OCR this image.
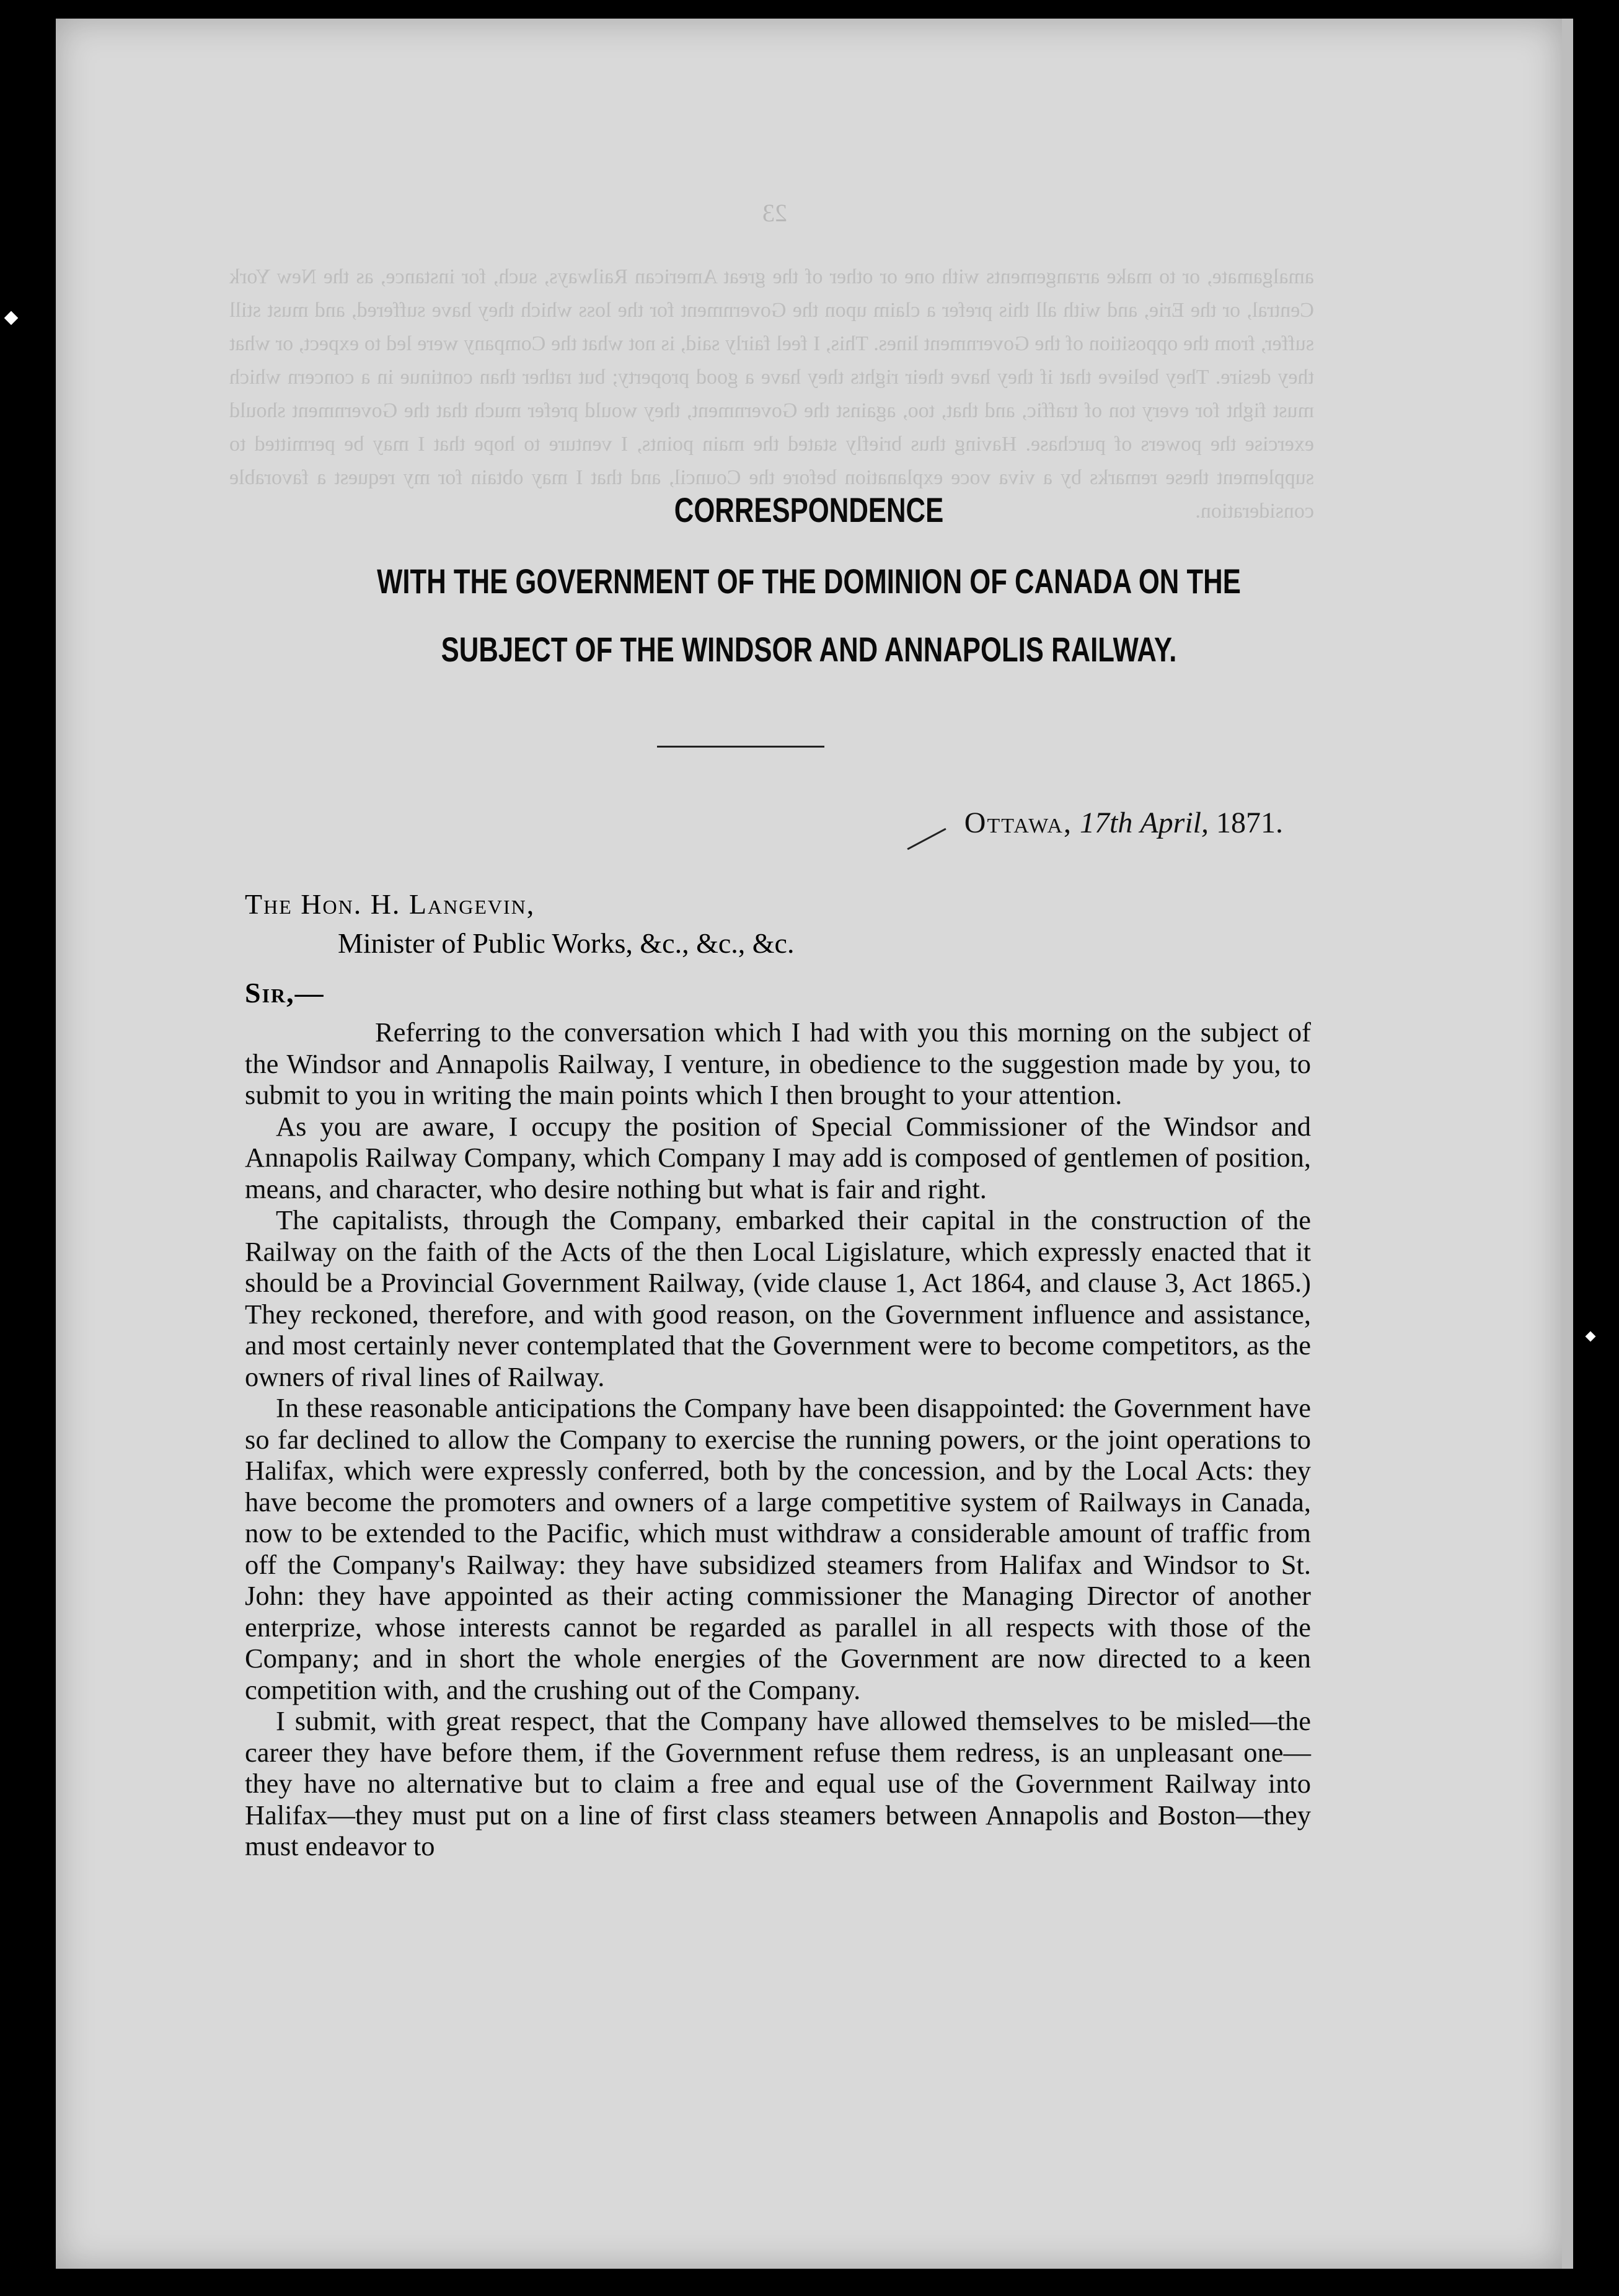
23
amalgamate, or to make arrangements with one or other of the great American Railways, such, for instance, as the New York Central, or the Erie, and with all this prefer a claim upon the Government for the loss which they have suffered, and must still suffer, from the opposition of the Government lines. This, I feel fairly said, is not what the Company were led to expect, or what they desire. They believe that if they have their rights they have a good property; but rather than continue in a concern which must fight for every ton of traffic, and that, too, against the Government, they would prefer much that the Government should exercise the powers of purchase. Having thus briefly stated the main points, I venture to hope that I may be permitted to supplement these remarks by a viva voce explanation before the Council, and that I may obtain for my request a favorable consideration.
CORRESPONDENCE
WITH THE GOVERNMENT OF THE DOMINION OF CANADA ON THE
SUBJECT OF THE WINDSOR AND ANNAPOLIS RAILWAY.
Ottawa, 17th April, 1871.
The Hon. H. Langevin,
Minister of Public Works, &c., &c., &c.
Sir,—

Referring to the conversation which I had with you this morning on the subject of the Windsor and Annapolis Railway, I venture, in obedience to the suggestion made by you, to submit to you in writing the main points which I then brought to your attention.

As you are aware, I occupy the position of Special Commissioner of the Windsor and Annapolis Railway Company, which Company I may add is composed of gentlemen of position, means, and character, who desire nothing but what is fair and right.

The capitalists, through the Company, embarked their capital in the construction of the Railway on the faith of the Acts of the then Local Ligislature, which expressly enacted that it should be a Provincial Government Railway, (vide clause 1, Act 1864, and clause 3, Act 1865.) They reckoned, therefore, and with good reason, on the Government influence and assistance, and most certainly never contemplated that the Government were to become competitors, as the owners of rival lines of Railway.

In these reasonable anticipations the Company have been disappointed: the Government have so far declined to allow the Company to exercise the running powers, or the joint operations to Halifax, which were expressly conferred, both by the concession, and by the Local Acts: they have become the promoters and owners of a large competitive system of Railways in Canada, now to be extended to the Pacific, which must withdraw a considerable amount of traffic from off the Company's Railway: they have subsidized steamers from Halifax and Windsor to St. John: they have appointed as their acting commissioner the Managing Director of another enterprize, whose interests cannot be regarded as parallel in all respects with those of the Company; and in short the whole energies of the Government are now directed to a keen competition with, and the crushing out of the Company.

I submit, with great respect, that the Company have allowed themselves to be misled—the career they have before them, if the Government refuse them redress, is an unpleasant one—they have no alternative but to claim a free and equal use of the Government Railway into Halifax—they must put on a line of first class steamers between Annapolis and Boston—they must endeavor to
